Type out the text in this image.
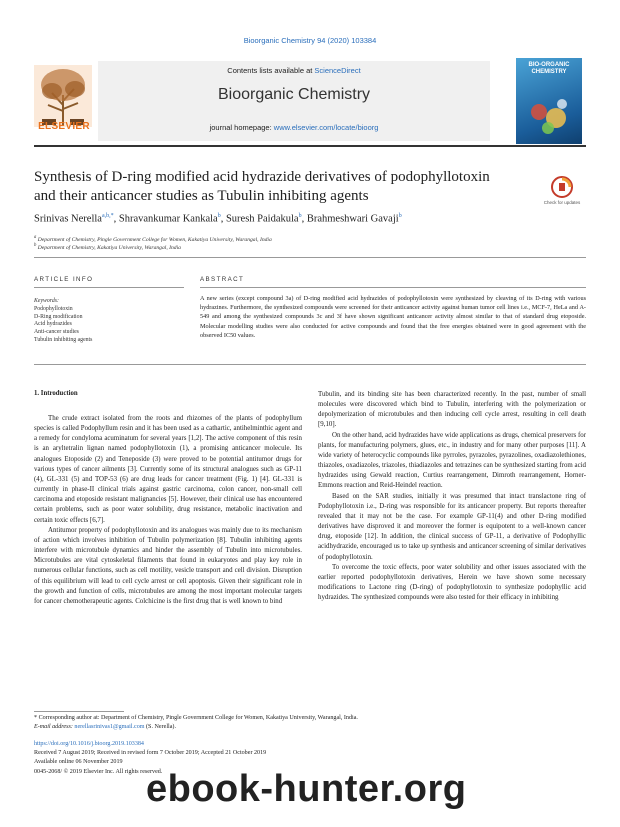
Bioorganic Chemistry 94 (2020) 103384
ELSEVIER
Contents lists available at ScienceDirect
Bioorganic Chemistry
journal homepage: www.elsevier.com/locate/bioorg
BIO-ORGANIC CHEMISTRY
Synthesis of D-ring modified acid hydrazide derivatives of podophyllotoxin and their anticancer studies as Tubulin inhibiting agents	Check for updates
Srinivas Nerella$^{a,b,*}$, Shravankumar Kankala$^b$, Suresh Paidakula$^b$, Brahmeshwari Gavaji$^b$
$^a$ Department of Chemistry, Pingle Government College for Women, Kakatiya University, Warangal, India
$^b$ Department of Chemistry, Kakatiya University, Warangal, India
ARTICLE INFO
Keywords:
Podophyllotoxin
D-Ring modification
Acid hydrazides
Anti-cancer studies
Tubulin inhibiting agents
ABSTRACT
A new series (except compound 3a) of D-ring modified acid hydrazides of podophyllotoxin were synthesized by cleaving of its D-ring with various hydrazines. Furthermore, the synthesized compounds were screened for their anticancer activity against human tumor cell lines i.e., MCF-7, HeLa and A-549 and among the synthesized compounds 3c and 3f have shown significant anticancer activity almost similar to that of standard drug etoposide. Molecular modelling studies were also conducted for active compounds and found that the free energies obtained were in good agreement with the observed IC50 values.
1. Introduction

The crude extract isolated from the roots and rhizomes of the plants of podophyllum species is called Podophyllum resin and it has been used as a cathartic, antihelminthic agent and a remedy for condyloma acuminatum for several years [1,2]. The active component of this resin is an aryltetralin lignan named podophyllotoxin (1), a promising anticancer molecule. Its analogues Etoposide (2) and Teneposide (3) were proved to be potential antitumor drugs for various types of cancer ailments [3]. Currently some of its structural analogues such as GP-11 (4), GL-331 (5) and TOP-53 (6) are drug leads for cancer treatment (Fig. 1) [4]. GL-331 is currently in phase-II clinical trials against gastric carcinoma, colon cancer, non-small cell carcinoma and etoposide resistant malignancies [5]. However, their clinical use has encountered certain problems, such as poor water solubility, drug resistance, metabolic inactivation and certain toxic effects [6,7].

Antitumor property of podophyllotoxin and its analogues was mainly due to its mechanism of action which involves inhibition of Tubulin polymerization [8]. Tubulin inhibiting agents interfere with microtubule dynamics and hinder the assembly of Tubulin into microtubules. Microtubules are vital cytoskeletal filaments that found in eukaryotes and play key role in numerous cellular functions, such as cell motility, vesicle transport and cell division. Disruption of this equilibrium will lead to cell cycle arrest or cell apoptosis. Given their significant role in the growth and function of cells, microtubules are among the most important molecular targets for cancer chemotherapeutic agents. Colchicine is the first drug that is well known to bind

Tubulin, and its binding site has been characterized recently. In the past, number of small molecules were discovered which bind to Tubulin, interfering with the polymerization or depolymerization of microtubules and then inducing cell cycle arrest, resulting in cell death [9,10].

On the other hand, acid hydrazides have wide applications as drugs, chemical preservers for plants, for manufacturing polymers, glues, etc., in industry and for many other purposes [11]. A wide variety of heterocyclic compounds like pyrroles, pyrazoles, pyrazolines, oxadiazolethiones, thiazoles, oxadiazoles, triazoles, thiadiazoles and tetrazines can be synthesized starting from acid hydrazides using Gewald reaction, Curtius rearrangement, Dimroth rearrangement, Horner-Emmons reaction and Reid-Heindel reaction.

Based on the SAR studies, initially it was presumed that intact translactone ring of Podophyllotoxin i.e., D-ring was responsible for its anticancer property. But reports thereafter revealed that it may not be the case. For example GP-11(4) and other D-ring modified derivatives have disproved it and moreover the former is equipotent to a well-known cancer drug, etoposide [12]. In addition, the clinical success of GP-11, a derivative of Podophyllic acidhydrazide, encouraged us to take up synthesis and anticancer screening of similar derivatives of podophyllotoxin.

To overcome the toxic effects, poor water solubility and other issues associated with the earlier reported podophyllotoxin derivatives, Herein we have shown some necessary modifications to Lactone ring (D-ring) of podophyllotoxin to synthesize podophyllic acid hydrazides. The synthesized compounds were also tested for their efficacy in inhibiting

* Corresponding author at: Department of Chemistry, Pingle Government College for Women, Kakatiya University, Warangal, India.
E-mail address: nerellasrinivas1@gmail.com (S. Nerella).
https://doi.org/10.1016/j.bioorg.2019.103384
Received 7 August 2019; Received in revised form 7 October 2019; Accepted 21 October 2019
Available online 06 November 2019
0045-2068/ © 2019 Elsevier Inc. All rights reserved.
ebook-hunter.org
